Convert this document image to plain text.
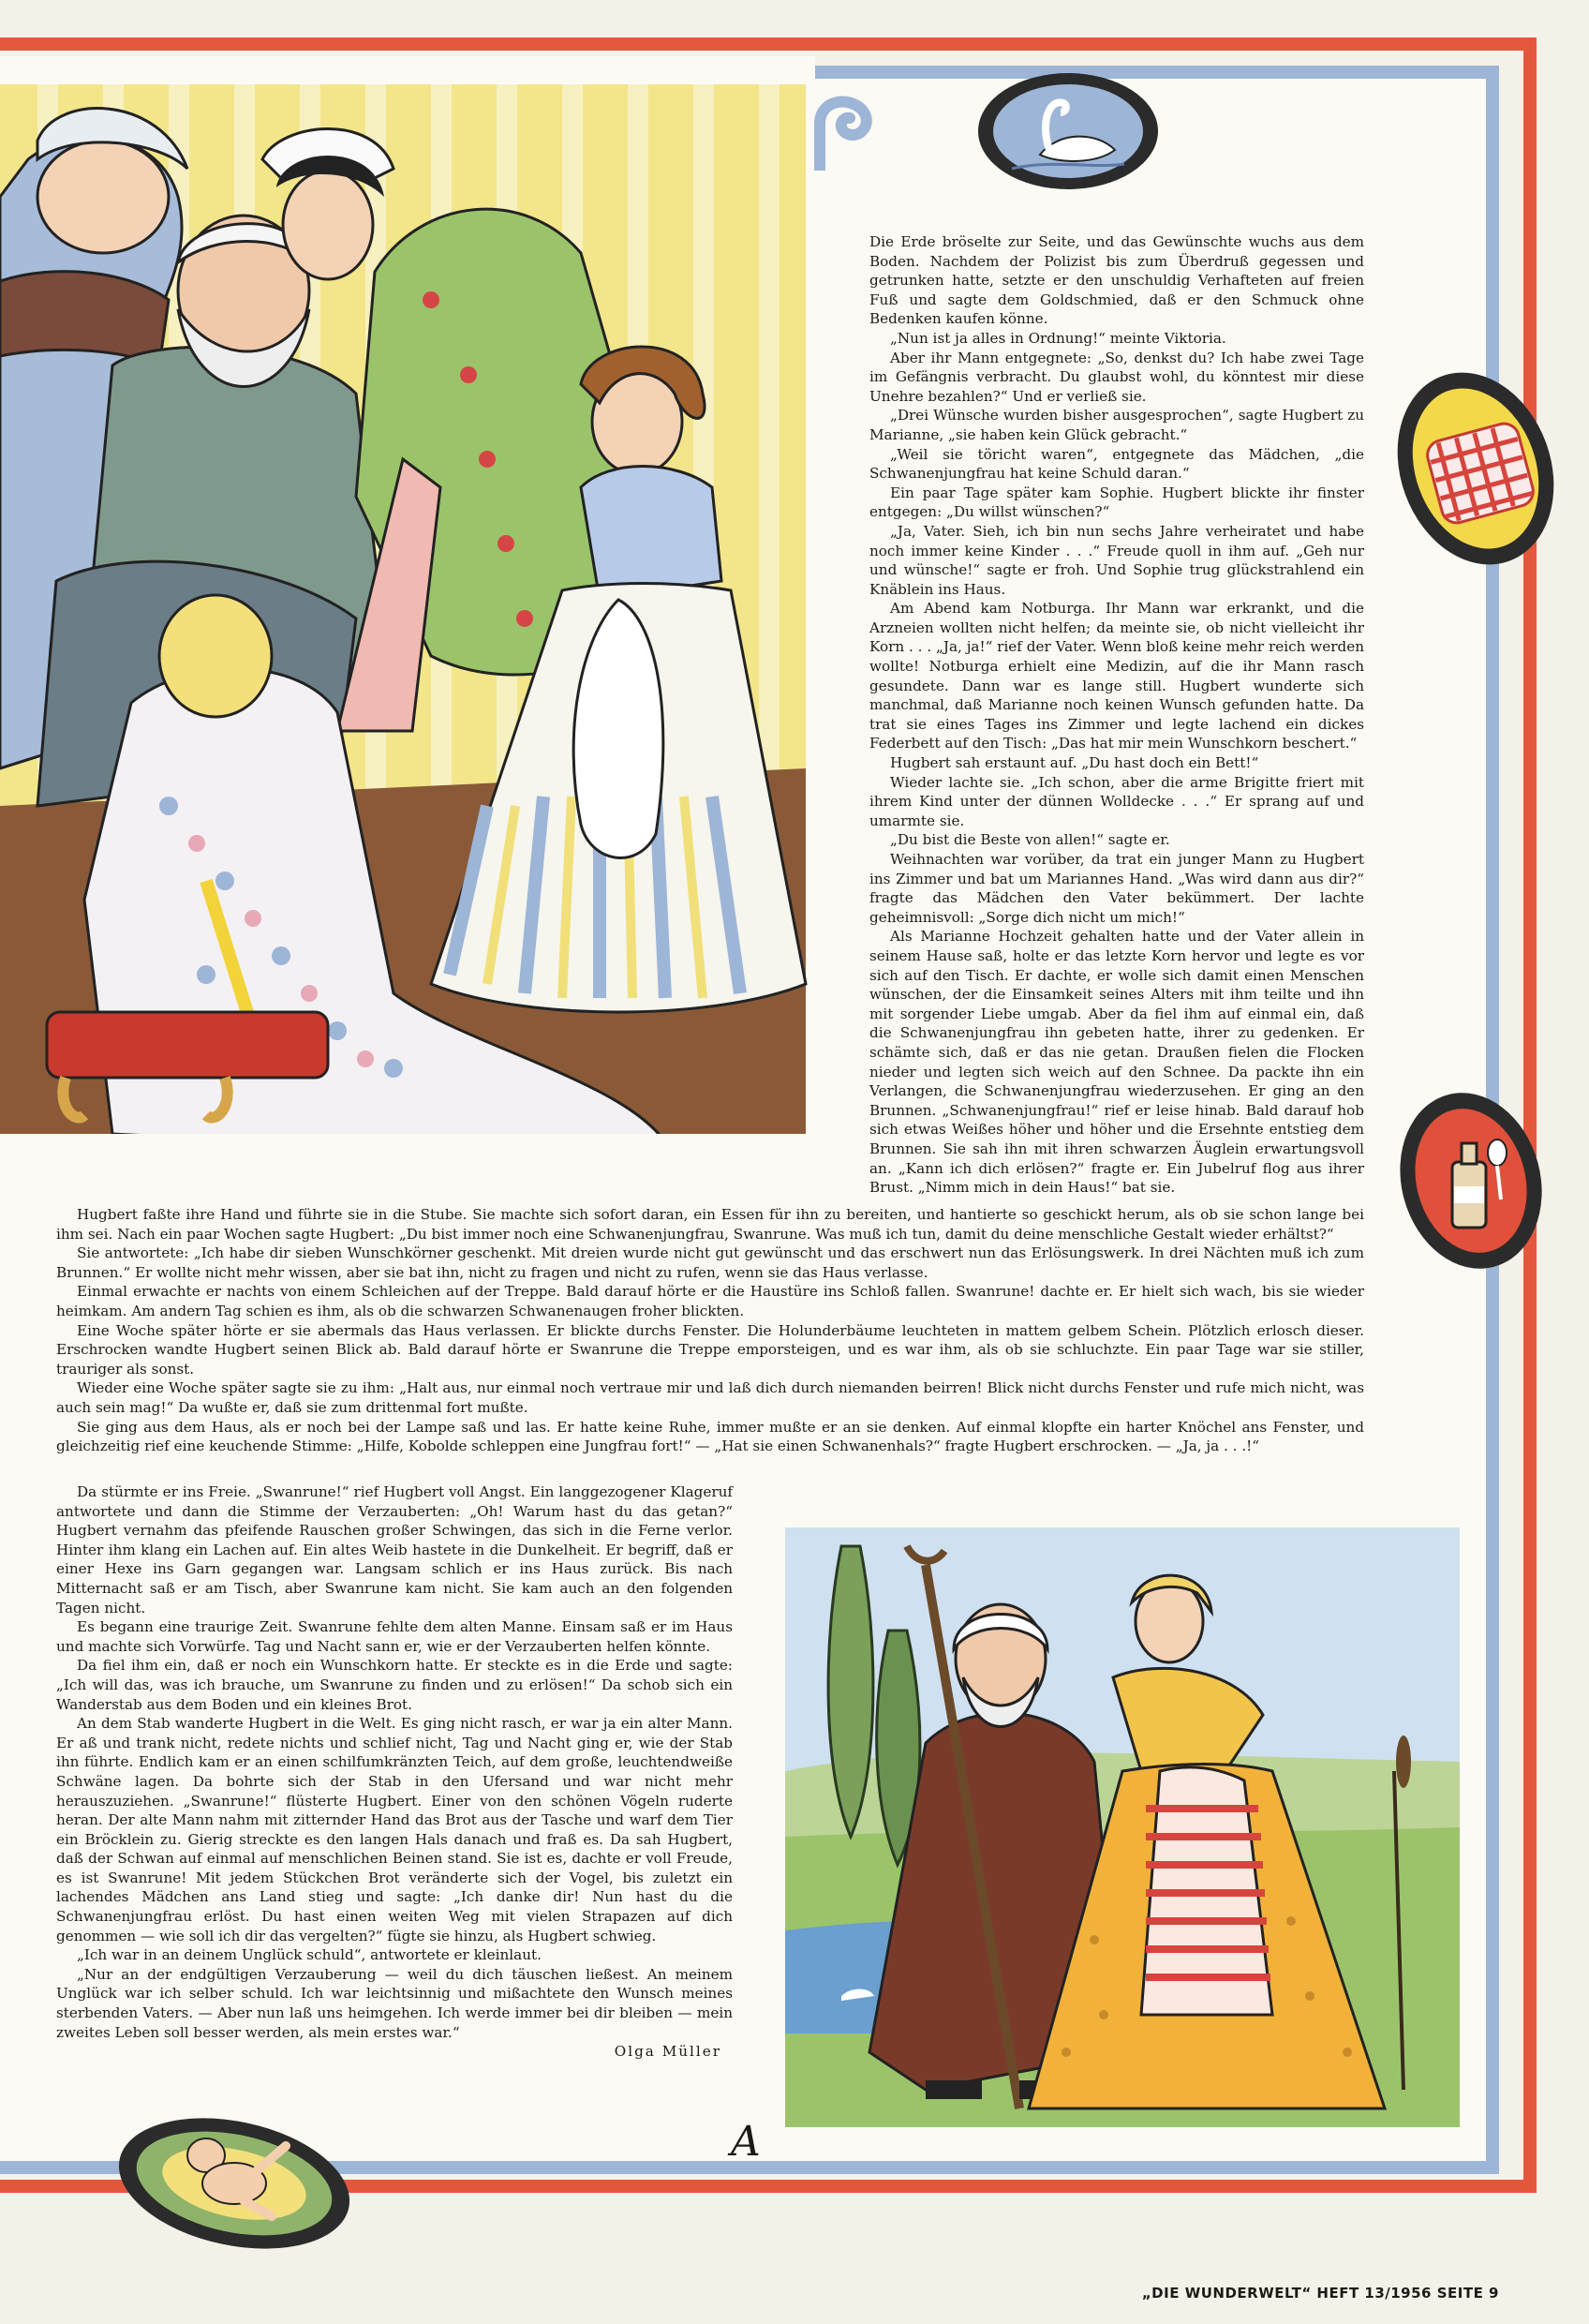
Die Erde bröselte zur Seite, und das Gewünschte wuchs aus dem Boden. Nachdem der Polizist bis zum Überdruß gegessen und getrunken hatte, setzte er den unschuldig Verhafteten auf freien Fuß und sagte dem Goldschmied, daß er den Schmuck ohne Bedenken kaufen könne.

„Nun ist ja alles in Ordnung!“ meinte Viktoria.

Aber ihr Mann entgegnete: „So, denkst du? Ich habe zwei Tage im Gefängnis verbracht. Du glaubst wohl, du könntest mir diese Unehre bezahlen?“ Und er verließ sie.

„Drei Wünsche wurden bisher ausgesprochen“, sagte Hugbert zu Marianne, „sie haben kein Glück gebracht.“

„Weil sie töricht waren“, entgegnete das Mädchen, „die Schwanenjungfrau hat keine Schuld daran.“

Ein paar Tage später kam Sophie. Hugbert blickte ihr finster entgegen: „Du willst wünschen?“

„Ja, Vater. Sieh, ich bin nun sechs Jahre verheiratet und habe noch immer keine Kinder . . .“ Freude quoll in ihm auf. „Geh nur und wünsche!“ sagte er froh. Und Sophie trug glückstrahlend ein Knäblein ins Haus.

Am Abend kam Notburga. Ihr Mann war erkrankt, und die Arzneien wollten nicht helfen; da meinte sie, ob nicht vielleicht ihr Korn . . . „Ja, ja!“ rief der Vater. Wenn bloß keine mehr reich werden wollte! Notburga erhielt eine Medizin, auf die ihr Mann rasch gesundete. Dann war es lange still. Hugbert wunderte sich manchmal, daß Marianne noch keinen Wunsch gefunden hatte. Da trat sie eines Tages ins Zimmer und legte lachend ein dickes Federbett auf den Tisch: „Das hat mir mein Wunschkorn beschert.“

Hugbert sah erstaunt auf. „Du hast doch ein Bett!“

Wieder lachte sie. „Ich schon, aber die arme Brigitte friert mit ihrem Kind unter der dünnen Wolldecke . . .“ Er sprang auf und umarmte sie.

„Du bist die Beste von allen!“ sagte er.

Weihnachten war vorüber, da trat ein junger Mann zu Hugbert ins Zimmer und bat um Mariannes Hand. „Was wird dann aus dir?“ fragte das Mädchen den Vater bekümmert. Der lachte geheimnisvoll: „Sorge dich nicht um mich!“

Als Marianne Hochzeit gehalten hatte und der Vater allein in seinem Hause saß, holte er das letzte Korn hervor und legte es vor sich auf den Tisch. Er dachte, er wolle sich damit einen Menschen wünschen, der die Einsamkeit seines Alters mit ihm teilte und ihn mit sorgender Liebe umgab. Aber da fiel ihm auf einmal ein, daß die Schwanenjungfrau ihn gebeten hatte, ihrer zu gedenken. Er schämte sich, daß er das nie getan. Draußen fielen die Flocken nieder und legten sich weich auf den Schnee. Da packte ihn ein Verlangen, die Schwanenjungfrau wiederzusehen. Er ging an den Brunnen. „Schwanenjungfrau!“ rief er leise hinab. Bald darauf hob sich etwas Weißes höher und höher und die Ersehnte entstieg dem Brunnen. Sie sah ihn mit ihren schwarzen Äuglein erwartungsvoll an. „Kann ich dich erlösen?“ fragte er. Ein Jubelruf flog aus ihrer Brust. „Nimm mich in dein Haus!“ bat sie.

Hugbert faßte ihre Hand und führte sie in die Stube. Sie machte sich sofort daran, ein Essen für ihn zu bereiten, und hantierte so geschickt herum, als ob sie schon lange bei ihm sei. Nach ein paar Wochen sagte Hugbert: „Du bist immer noch eine Schwanenjungfrau, Swanrune. Was muß ich tun, damit du deine menschliche Gestalt wieder erhältst?“

Sie antwortete: „Ich habe dir sieben Wunschkörner geschenkt. Mit dreien wurde nicht gut gewünscht und das erschwert nun das Erlösungswerk. In drei Nächten muß ich zum Brunnen.“ Er wollte nicht mehr wissen, aber sie bat ihn, nicht zu fragen und nicht zu rufen, wenn sie das Haus verlasse.

Einmal erwachte er nachts von einem Schleichen auf der Treppe. Bald darauf hörte er die Haustüre ins Schloß fallen. Swanrune! dachte er. Er hielt sich wach, bis sie wieder heimkam. Am andern Tag schien es ihm, als ob die schwarzen Schwanenaugen froher blickten.

Eine Woche später hörte er sie abermals das Haus verlassen. Er blickte durchs Fenster. Die Holunderbäume leuchteten in mattem gelbem Schein. Plötzlich erlosch dieser. Erschrocken wandte Hugbert seinen Blick ab. Bald darauf hörte er Swanrune die Treppe emporsteigen, und es war ihm, als ob sie schluchzte. Ein paar Tage war sie stiller, trauriger als sonst.

Wieder eine Woche später sagte sie zu ihm: „Halt aus, nur einmal noch vertraue mir und laß dich durch niemanden beirren! Blick nicht durchs Fenster und rufe mich nicht, was auch sein mag!“ Da wußte er, daß sie zum drittenmal fort mußte.

Sie ging aus dem Haus, als er noch bei der Lampe saß und las. Er hatte keine Ruhe, immer mußte er an sie denken. Auf einmal klopfte ein harter Knöchel ans Fenster, und gleichzeitig rief eine keuchende Stimme: „Hilfe, Kobolde schleppen eine Jungfrau fort!“ — „Hat sie einen Schwanenhals?“ fragte Hugbert erschrocken. — „Ja, ja . . .!“

Da stürmte er ins Freie. „Swanrune!“ rief Hugbert voll Angst. Ein langgezogener Klageruf antwortete und dann die Stimme der Verzauberten: „Oh! Warum hast du das getan?“ Hugbert vernahm das pfeifende Rauschen großer Schwingen, das sich in die Ferne verlor. Hinter ihm klang ein Lachen auf. Ein altes Weib hastete in die Dunkelheit. Er begriff, daß er einer Hexe ins Garn gegangen war. Langsam schlich er ins Haus zurück. Bis nach Mitternacht saß er am Tisch, aber Swanrune kam nicht. Sie kam auch an den folgenden Tagen nicht.

Es begann eine traurige Zeit. Swanrune fehlte dem alten Manne. Einsam saß er im Haus und machte sich Vorwürfe. Tag und Nacht sann er, wie er der Verzauberten helfen könnte.

Da fiel ihm ein, daß er noch ein Wunschkorn hatte. Er steckte es in die Erde und sagte: „Ich will das, was ich brauche, um Swanrune zu finden und zu erlösen!“ Da schob sich ein Wanderstab aus dem Boden und ein kleines Brot.

An dem Stab wanderte Hugbert in die Welt. Es ging nicht rasch, er war ja ein alter Mann. Er aß und trank nicht, redete nichts und schlief nicht, Tag und Nacht ging er, wie der Stab ihn führte. Endlich kam er an einen schilfumkränzten Teich, auf dem große, leuchtendweiße Schwäne lagen. Da bohrte sich der Stab in den Ufersand und war nicht mehr herauszuziehen. „Swanrune!“ flüsterte Hugbert. Einer von den schönen Vögeln ruderte heran. Der alte Mann nahm mit zitternder Hand das Brot aus der Tasche und warf dem Tier ein Bröcklein zu. Gierig streckte es den langen Hals danach und fraß es. Da sah Hugbert, daß der Schwan auf einmal auf menschlichen Beinen stand. Sie ist es, dachte er voll Freude, es ist Swanrune! Mit jedem Stückchen Brot veränderte sich der Vogel, bis zuletzt ein lachendes Mädchen ans Land stieg und sagte: „Ich danke dir! Nun hast du die Schwanenjungfrau erlöst. Du hast einen weiten Weg mit vielen Strapazen auf dich genommen — wie soll ich dir das vergelten?“ fügte sie hinzu, als Hugbert schwieg.

„Ich war in an deinem Unglück schuld“, antwortete er kleinlaut.

„Nur an der endgültigen Verzauberung — weil du dich täuschen ließest. An meinem Unglück war ich selber schuld. Ich war leichtsinnig und mißachtete den Wunsch meines sterbenden Vaters. — Aber nun laß uns heimgehen. Ich werde immer bei dir bleiben — mein zweites Leben soll besser werden, als mein erstes war.“

Olga Müller
A
„DIE WUNDERWELT“ HEFT 13/1956 SEITE 9
